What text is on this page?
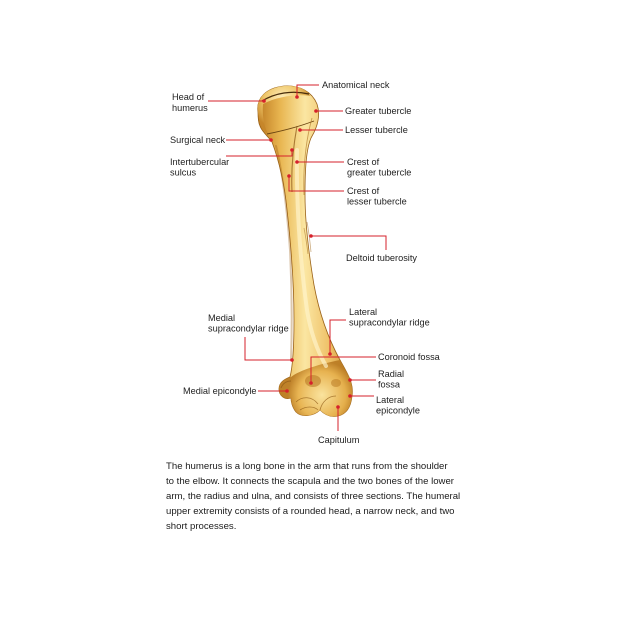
Anatomical neck
Head of humerus	Greater tubercle
Lesser tubercle
Surgical neck
Intertubercular sulcus
Crest of greater tubercle
Crest of lesser tubercle
Deltoid tuberosity
Medial supracondylar ridge
Lateral supracondylar ridge
Coronoid fossa
Radial fossa
Medial epicondyle
Lateral epicondyle
Capitulum
The humerus is a long bone in the arm that runs from the shoulder
to the elbow. It connects the scapula and the two bones of the lower
arm, the radius and ulna, and consists of three sections. The humeral
upper extremity consists of a rounded head, a narrow neck, and two
short processes.
